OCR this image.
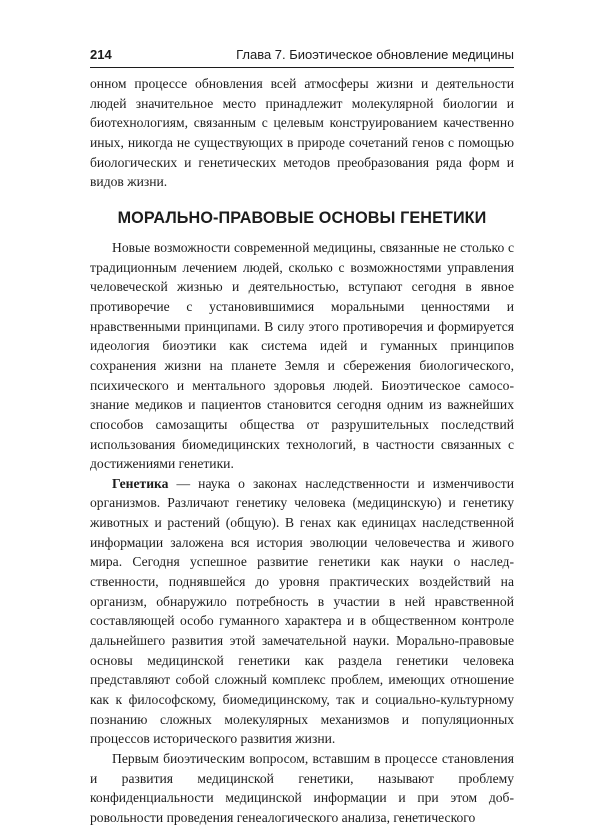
214	Глава 7. Биоэтическое обновление медицины

онном процессе обновления всей атмосферы жизни и деятельности людей значительное место принадлежит молекулярной биологии и биотехнологиям, связанным с целевым конструированием качественно иных, никогда не существующих в природе сочетаний генов с помощью биологических и генетических методов преобразования ряда форм и видов жизни.

МОРАЛЬНО-ПРАВОВЫЕ ОСНОВЫ ГЕНЕТИКИ

Новые возможности современной медицины, связанные не столько с традиционным лечением людей, сколько с возможностями управления человеческой жизнью и деятельностью, вступают сегодня в явное противоречие с установившимися моральными ценностями и нравственными принципами. В силу этого противоречия и формируется идеология биоэтики как система идей и гуманных принципов сохранения жизни на планете Земля и сбережения биологического, психического и ментального здоровья людей. Биоэтическое самосознание медиков и пациентов становится сегодня одним из важнейших способов самозащиты общества от разрушительных последствий использования биомедицинских технологий, в частности связанных с достижениями генетики.

Генетика — наука о законах наследственности и изменчивости организмов. Различают генетику человека (медицинскую) и генетику животных и растений (общую). В генах как единицах наследственной информации заложена вся история эволюции человечества и живого мира. Сегодня успешное развитие генетики как науки о наследственности, поднявшейся до уровня практических воздействий на организм, обнаружило потребность в участии в ней нравственной составляющей особо гуманного характера и в общественном контроле дальнейшего развития этой замечательной науки. Морально-правовые основы медицинской генетики как раздела генетики человека представляют собой сложный комплекс проблем, имеющих отношение как к философскому, биомедицинскому, так и социально-культурному познанию сложных молекулярных механизмов и популяционных процессов исторического развития жизни.

Первым биоэтическим вопросом, вставшим в процессе становления и развития медицинской генетики, называют проблему конфиденциальности медицинской информации и при этом добровольности проведения генеалогического анализа, генетического
